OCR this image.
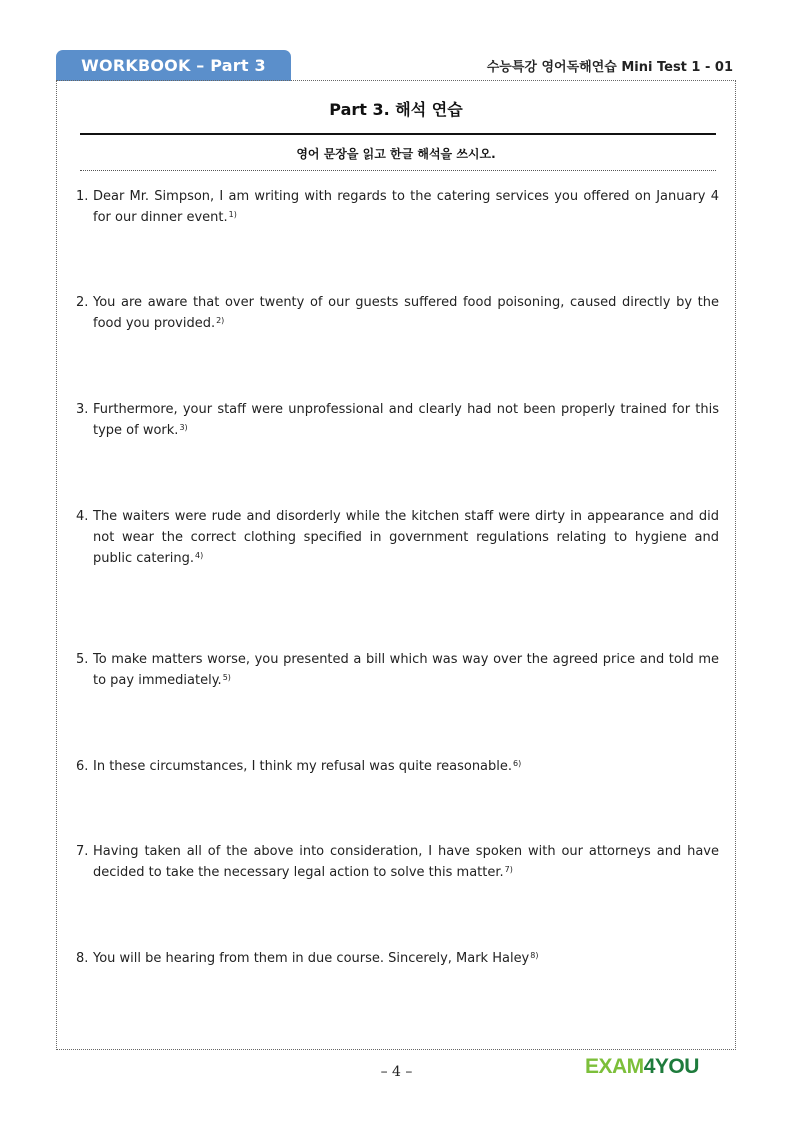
WORKBOOK – Part 3	수능특강 영어독해연습 Mini Test 1 - 01
Part 3. 해석 연습
영어 문장을 읽고 한글 해석을 쓰시오.
1. Dear Mr. Simpson, I am writing with regards to the catering services you offered on January 4 for our dinner event.$^{1)}$
2. You are aware that over twenty of our guests suffered food poisoning, caused directly by the food you provided.$^{2)}$
3. Furthermore, your staff were unprofessional and clearly had not been properly trained for this type of work.$^{3)}$
4. The waiters were rude and disorderly while the kitchen staff were dirty in appearance and did not wear the correct clothing specified in government regulations relating to hygiene and public catering.$^{4)}$
5. To make matters worse, you presented a bill which was way over the agreed price and told me to pay immediately.$^{5)}$
6. In these circumstances, I think my refusal was quite reasonable.$^{6)}$
7. Having taken all of the above into consideration, I have spoken with our attorneys and have decided to take the necessary legal action to solve this matter.$^{7)}$
8. You will be hearing from them in due course. Sincerely, Mark Haley$^{8)}$
– 4 –	EXAM4YOU
